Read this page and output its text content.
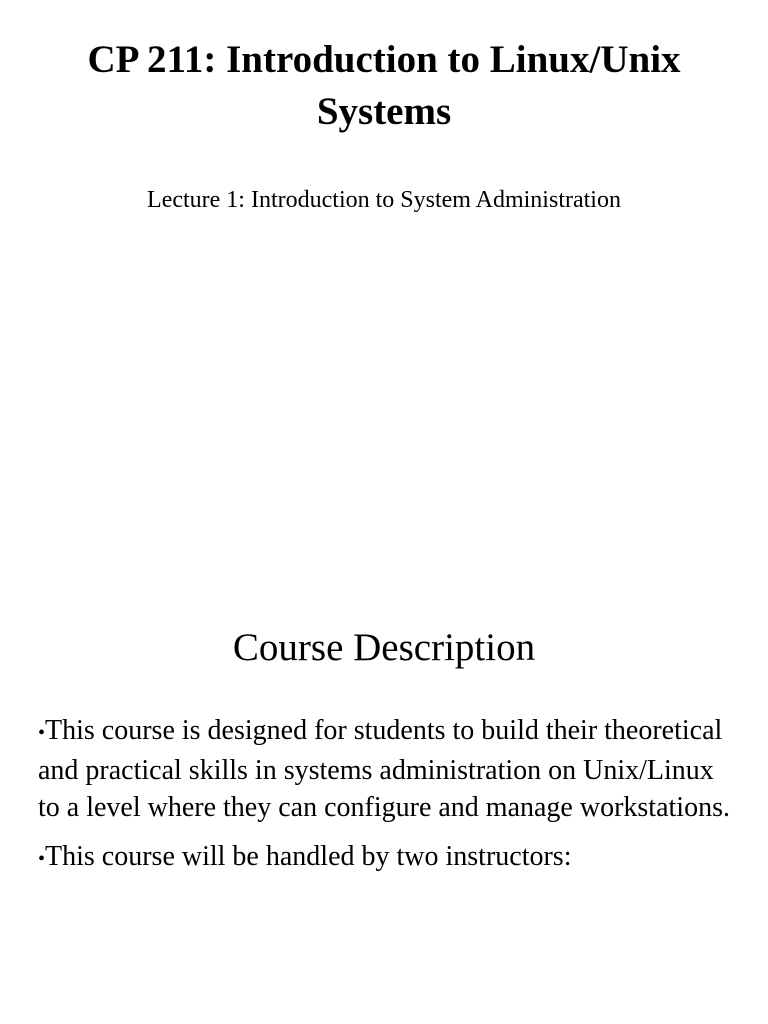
CP 211: Introduction to Linux/Unix Systems
Lecture 1: Introduction to System Administration
Course Description
•This course is designed for students to build their theoretical and practical skills in systems administration on Unix/Linux to a level where they can configure and manage workstations.
•This course will be handled by two instructors:
